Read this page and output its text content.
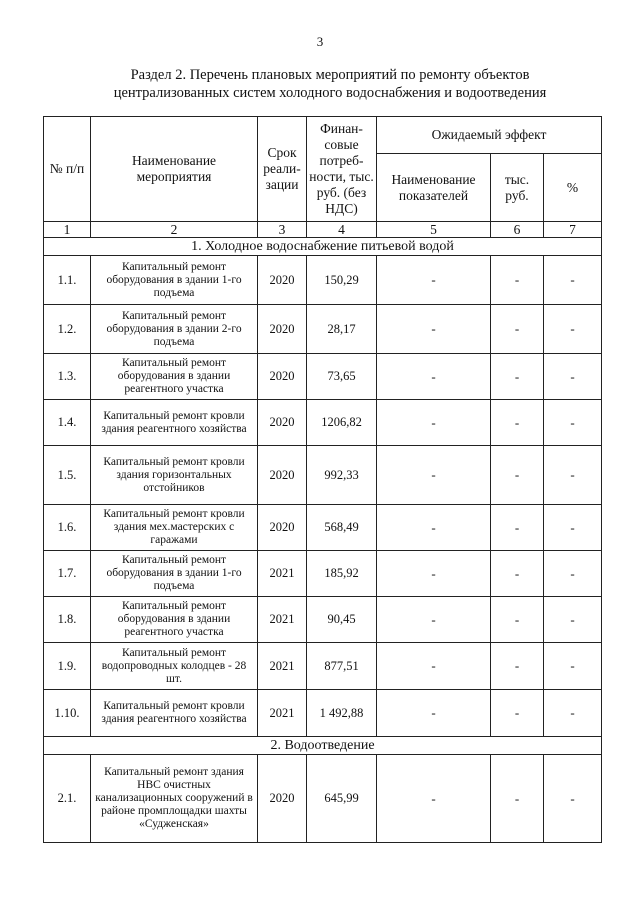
3
Раздел 2. Перечень плановых мероприятий по ремонту объектов
централизованных систем холодного водоснабжения и водоотведения
№ п/п	Наименование мероприятия	Срок реали-зации	Финан-совые потреб-ности, тыс. руб. (без НДС)	Ожидаемый эффект		
				Наименование показателей	тыс. руб.	%
1	2	3	4	5	6	7
1. Холодное водоснабжение питьевой водой						
1.1.	Капитальный ремонт оборудования в здании 1-го подъема	2020	150,29	-	-	-
1.2.	Капитальный ремонт оборудования в здании 2-го подъема	2020	28,17	-	-	-
1.3.	Капитальный ремонт оборудования в здании реагентного участка	2020	73,65	-	-	-
1.4.	Капитальный ремонт кровли здания реагентного хозяйства	2020	1206,82	-	-	-
1.5.	Капитальный ремонт кровли здания горизонтальных отстойников	2020	992,33	-	-	-
1.6.	Капитальный ремонт кровли здания мех.мастерских с гаражами	2020	568,49	-	-	-
1.7.	Капитальный ремонт оборудования в здании 1-го подъема	2021	185,92	-	-	-
1.8.	Капитальный ремонт оборудования в здании реагентного участка	2021	90,45	-	-	-
1.9.	Капитальный ремонт водопроводных колодцев - 28 шт.	2021	877,51	-	-	-
1.10.	Капитальный ремонт кровли здания реагентного хозяйства	2021	1 492,88	-	-	-
2. Водоотведение						
2.1.	Капитальный ремонт здания НВС очистных канализационных сооружений в районе промплощадки шахты «Судженская»	2020	645,99	-	-	-
